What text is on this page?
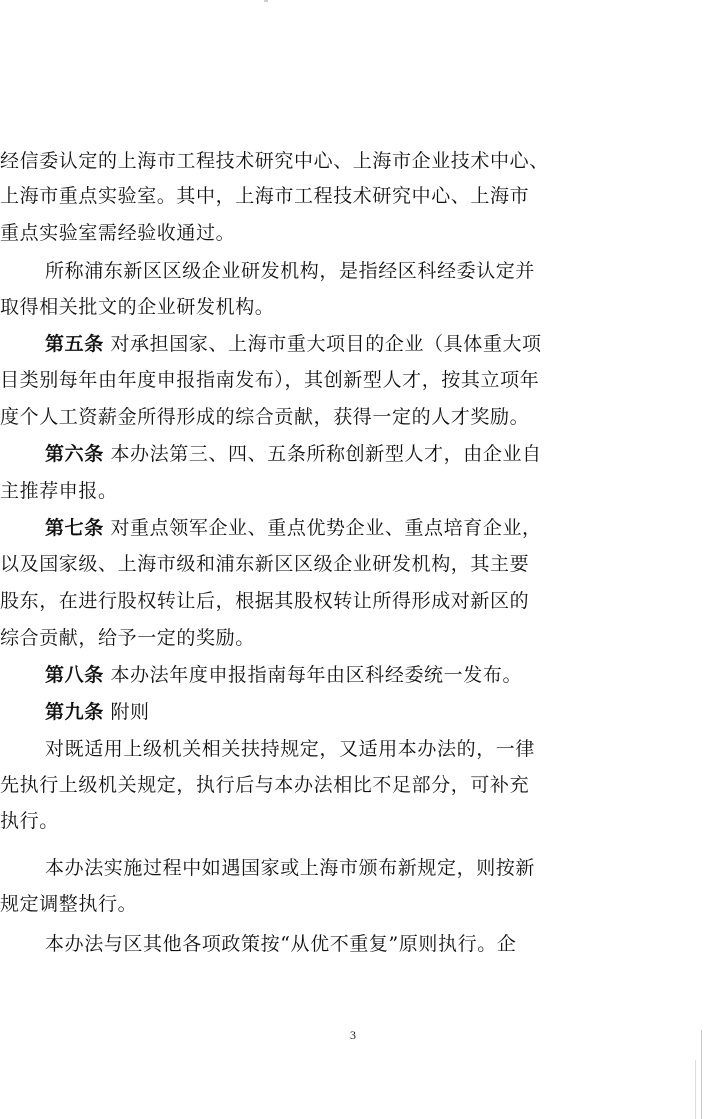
经信委认定的上海市工程技术研究中心、上海市企业技术中心、
上海市重点实验室。其中，上海市工程技术研究中心、上海市
重点实验室需经验收通过。
所称浦东新区区级企业研发机构，是指经区科经委认定并
取得相关批文的企业研发机构。
第五条 对承担国家、上海市重大项目的企业（具体重大项
目类别每年由年度申报指南发布），其创新型人才，按其立项年
度个人工资薪金所得形成的综合贡献，获得一定的人才奖励。
第六条 本办法第三、四、五条所称创新型人才，由企业自
主推荐申报。
第七条 对重点领军企业、重点优势企业、重点培育企业，
以及国家级、上海市级和浦东新区区级企业研发机构，其主要
股东，在进行股权转让后，根据其股权转让所得形成对新区的
综合贡献，给予一定的奖励。
第八条 本办法年度申报指南每年由区科经委统一发布。
第九条 附则
对既适用上级机关相关扶持规定，又适用本办法的，一律
先执行上级机关规定，执行后与本办法相比不足部分，可补充
执行。
本办法实施过程中如遇国家或上海市颁布新规定，则按新
规定调整执行。
本办法与区其他各项政策按“从优不重复”原则执行。企
3
